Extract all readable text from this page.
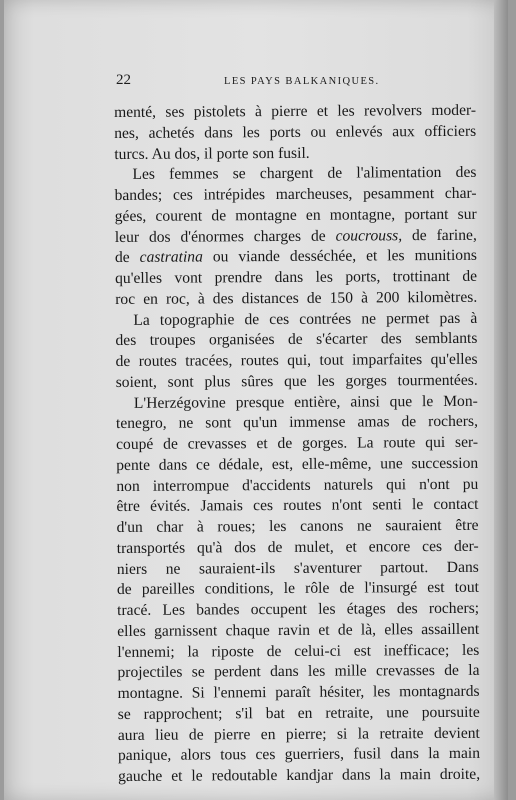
22	LES PAYS BALKANIQUES.
menté, ses pistolets à pierre et les revolvers moder-
nes, achetés dans les ports ou enlevés aux officiers
turcs. Au dos, il porte son fusil.
Les femmes se chargent de l'alimentation des
bandes; ces intrépides marcheuses, pesamment char-
gées, courent de montagne en montagne, portant sur
leur dos d'énormes charges de coucrouss, de farine,
de castratina ou viande desséchée, et les munitions
qu'elles vont prendre dans les ports, trottinant de
roc en roc, à des distances de 150 à 200 kilomètres.
La topographie de ces contrées ne permet pas à
des troupes organisées de s'écarter des semblants
de routes tracées, routes qui, tout imparfaites qu'elles
soient, sont plus sûres que les gorges tourmentées.
L'Herzégovine presque entière, ainsi que le Mon-
tenegro, ne sont qu'un immense amas de rochers,
coupé de crevasses et de gorges. La route qui ser-
pente dans ce dédale, est, elle-même, une succession
non interrompue d'accidents naturels qui n'ont pu
être évités. Jamais ces routes n'ont senti le contact
d'un char à roues; les canons ne sauraient être
transportés qu'à dos de mulet, et encore ces der-
niers ne sauraient-ils s'aventurer partout. Dans
de pareilles conditions, le rôle de l'insurgé est tout
tracé. Les bandes occupent les étages des rochers;
elles garnissent chaque ravin et de là, elles assaillent
l'ennemi; la riposte de celui-ci est inefficace; les
projectiles se perdent dans les mille crevasses de la
montagne. Si l'ennemi paraît hésiter, les montagnards
se rapprochent; s'il bat en retraite, une poursuite
aura lieu de pierre en pierre; si la retraite devient
panique, alors tous ces guerriers, fusil dans la main
gauche et le redoutable kandjar dans la main droite,
